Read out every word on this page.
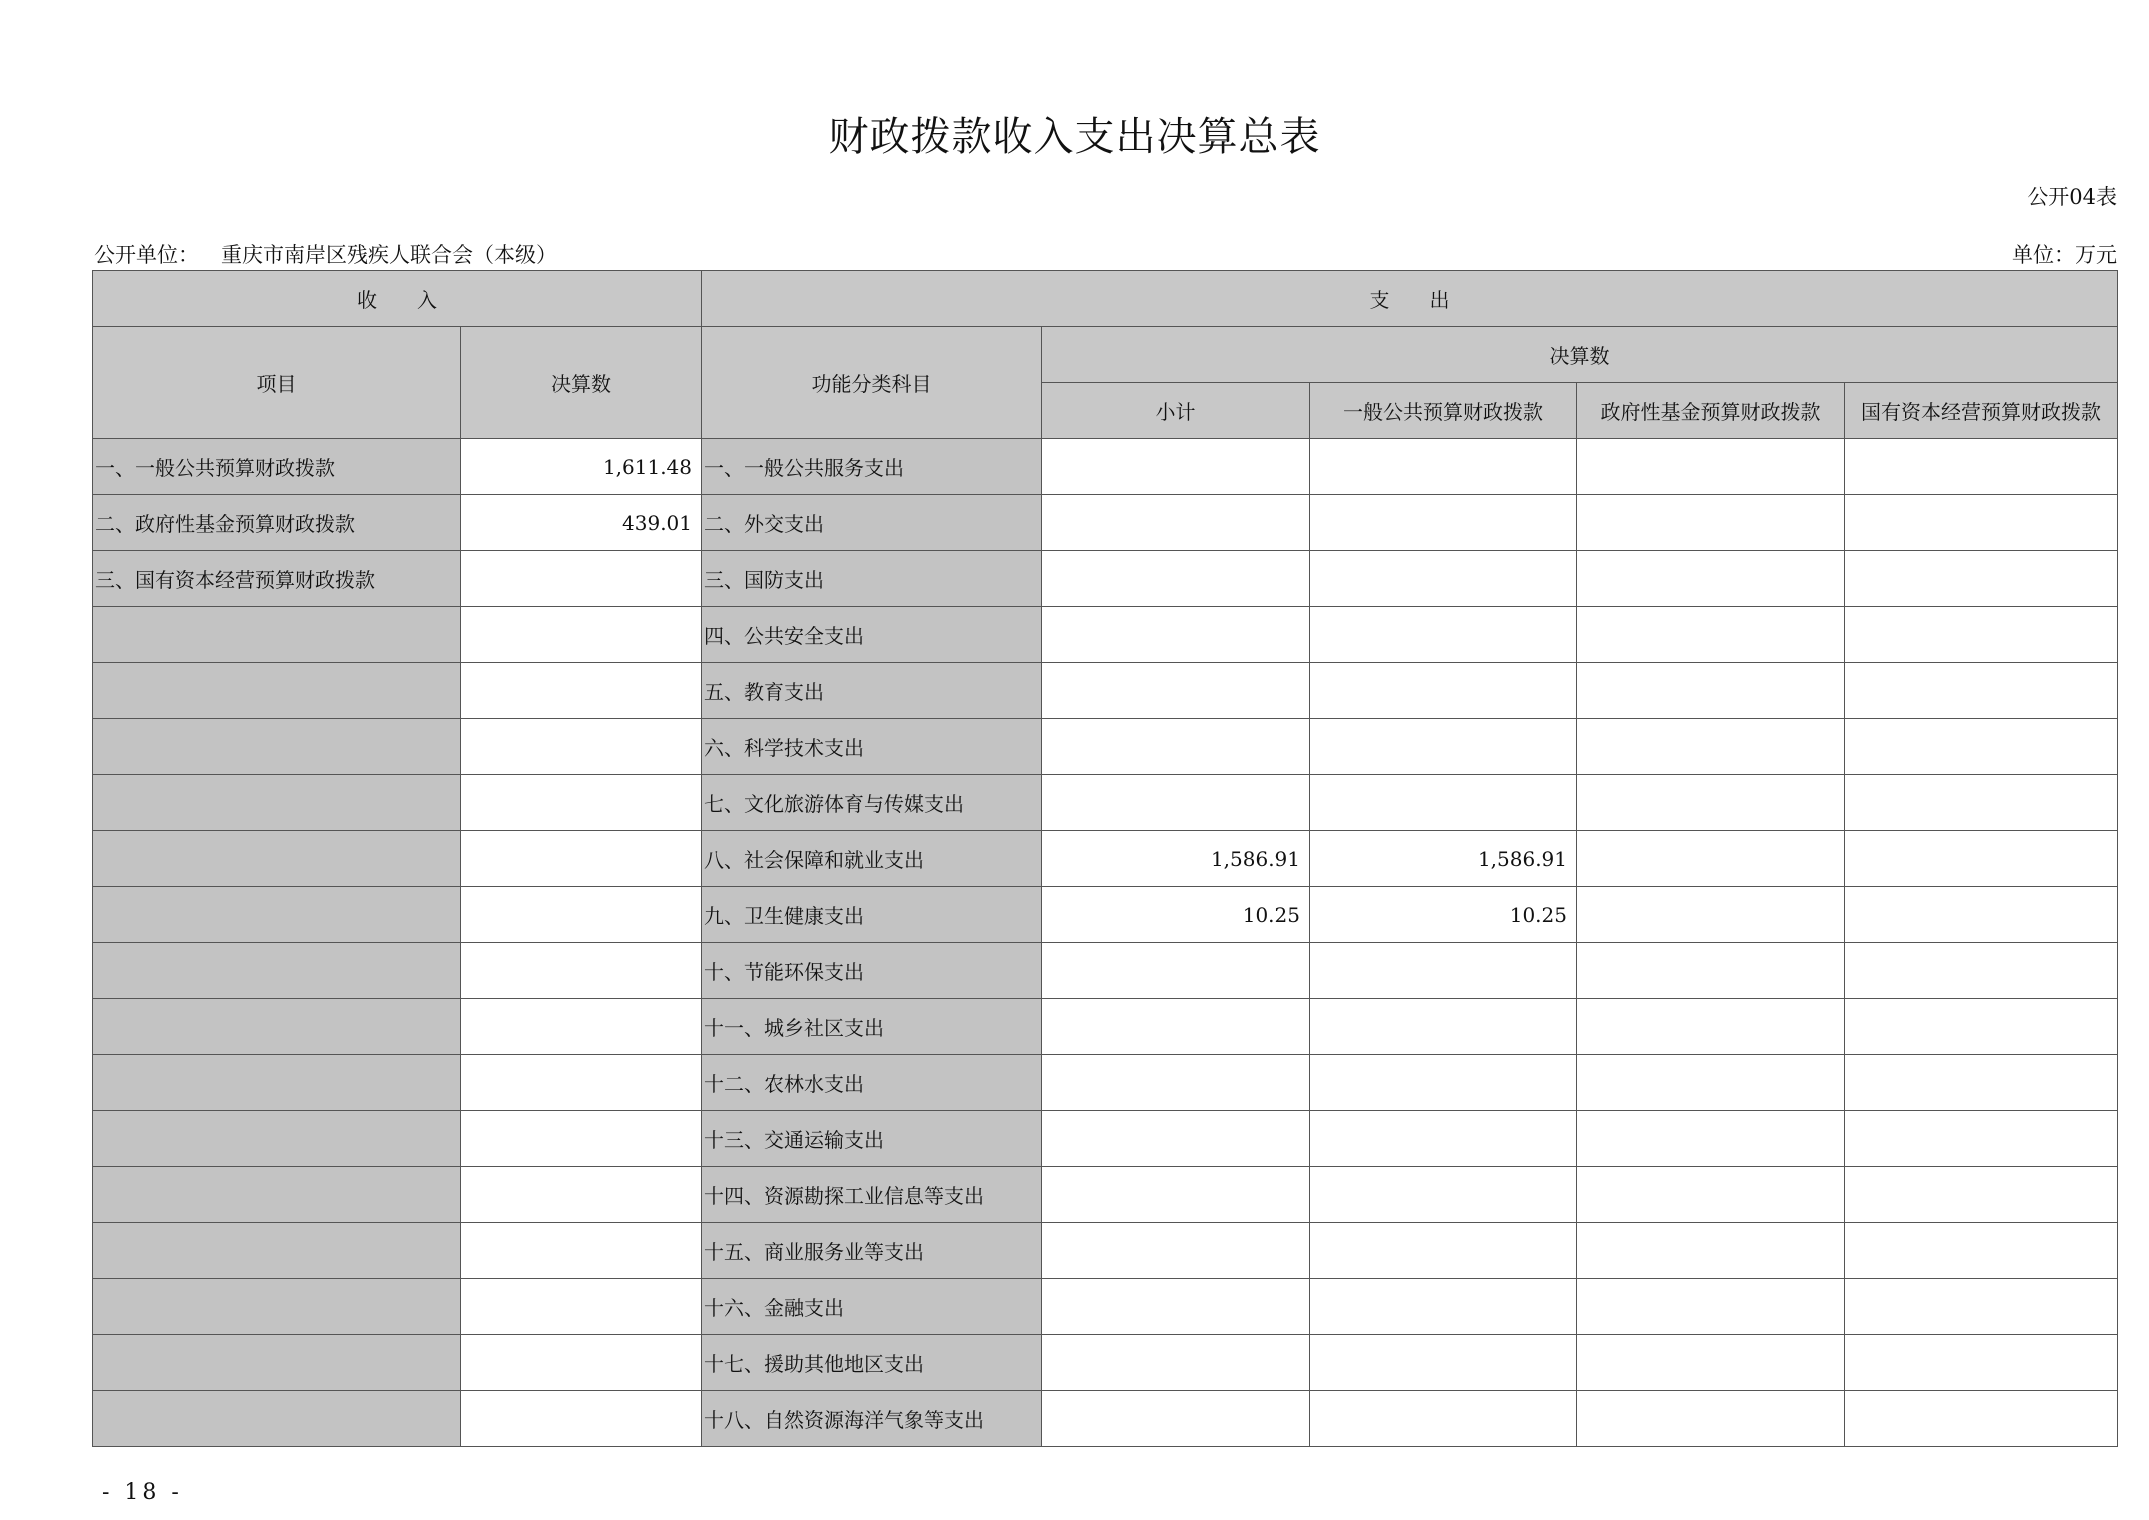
财政拨款收入支出决算总表
公开04表
公开单位： 重庆市南岸区残疾人联合会（本级）	单位：万元
收　　入		支　　出				
项目	决算数	功能分类科目	决算数			
			小计	一般公共预算财政拨款	政府性基金预算财政拨款	国有资本经营预算财政拨款
一、一般公共预算财政拨款	1,611.48	一、一般公共服务支出				
二、政府性基金预算财政拨款	439.01	二、外交支出				
三、国有资本经营预算财政拨款		三、国防支出				
		四、公共安全支出				
		五、教育支出				
		六、科学技术支出				
		七、文化旅游体育与传媒支出				
		八、社会保障和就业支出	1,586.91	1,586.91		
		九、卫生健康支出	10.25	10.25		
		十、节能环保支出				
		十一、城乡社区支出				
		十二、农林水支出				
		十三、交通运输支出				
		十四、资源勘探工业信息等支出				
		十五、商业服务业等支出				
		十六、金融支出				
		十七、援助其他地区支出				
		十八、自然资源海洋气象等支出				
- 18 -
